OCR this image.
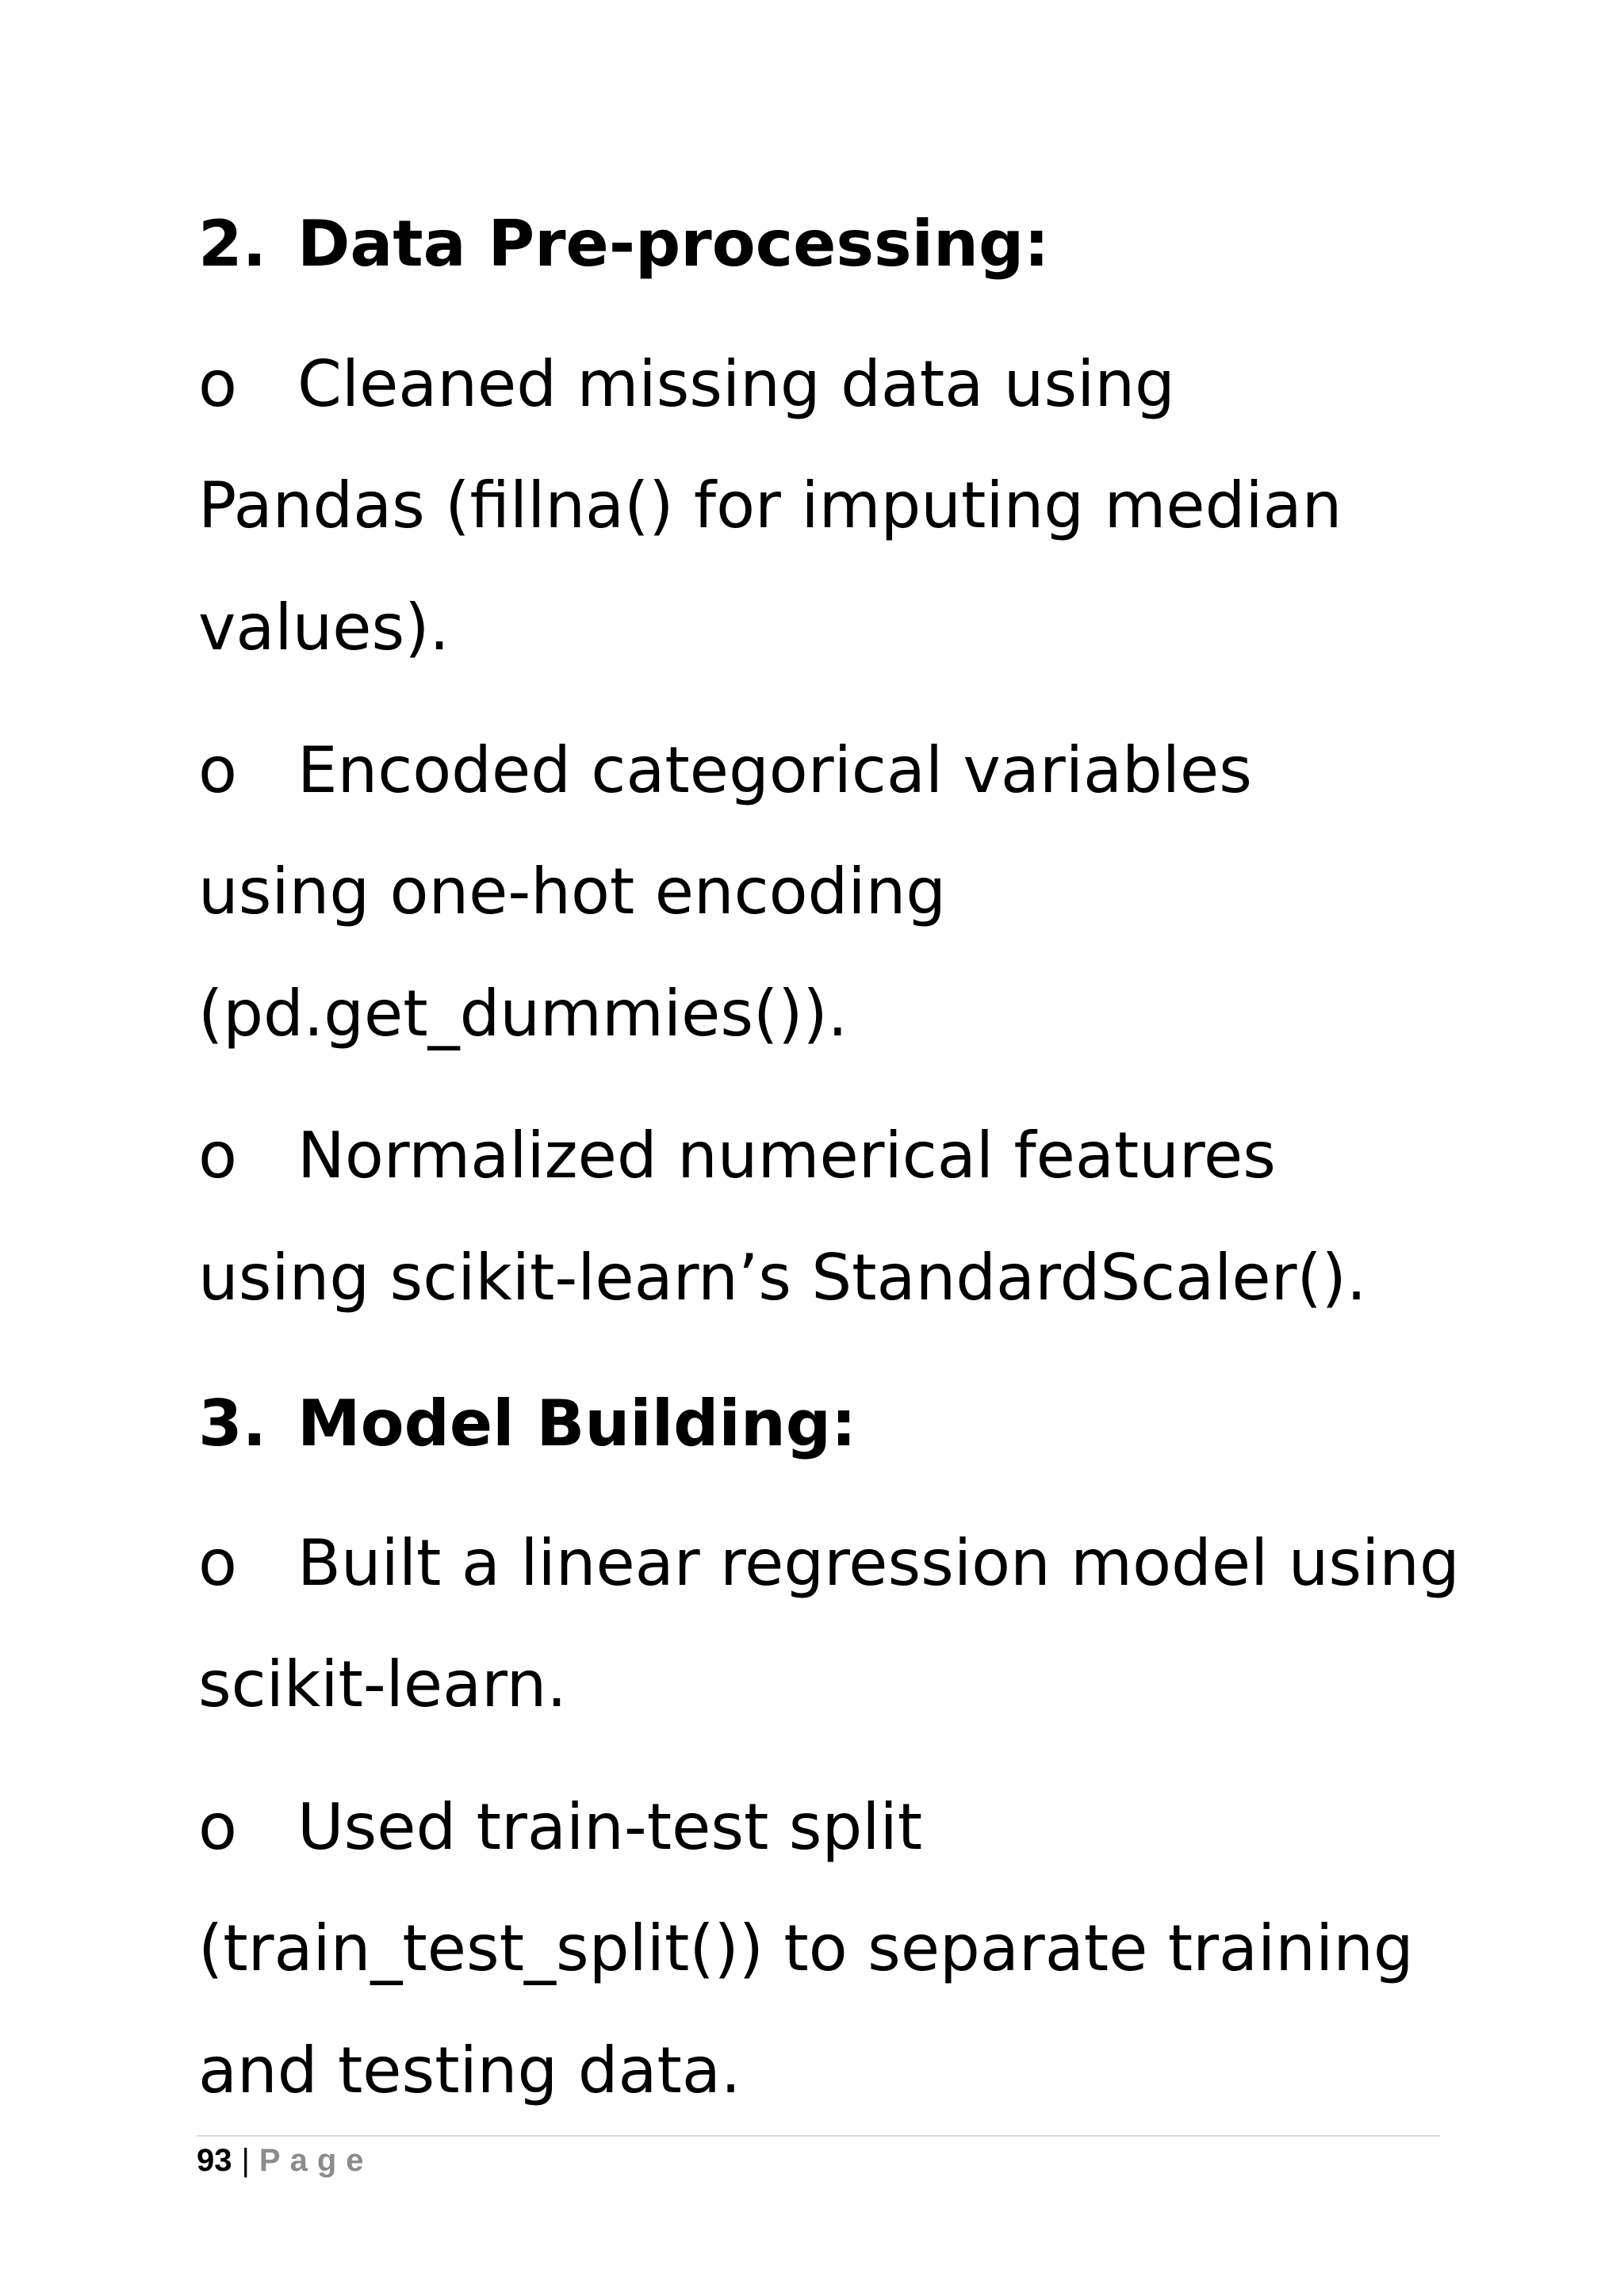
2. Data Pre-processing:
o Cleaned missing data using
Pandas (fillna() for imputing median
values).
o Encoded categorical variables
using one-hot encoding
(pd.get_dummies()).
o Normalized numerical features
using scikit-learn’s StandardScaler().
3. Model Building:
o Built a linear regression model using
scikit-learn.
o Used train-test split
(train_test_split()) to separate training
and testing data.
93 | Page
